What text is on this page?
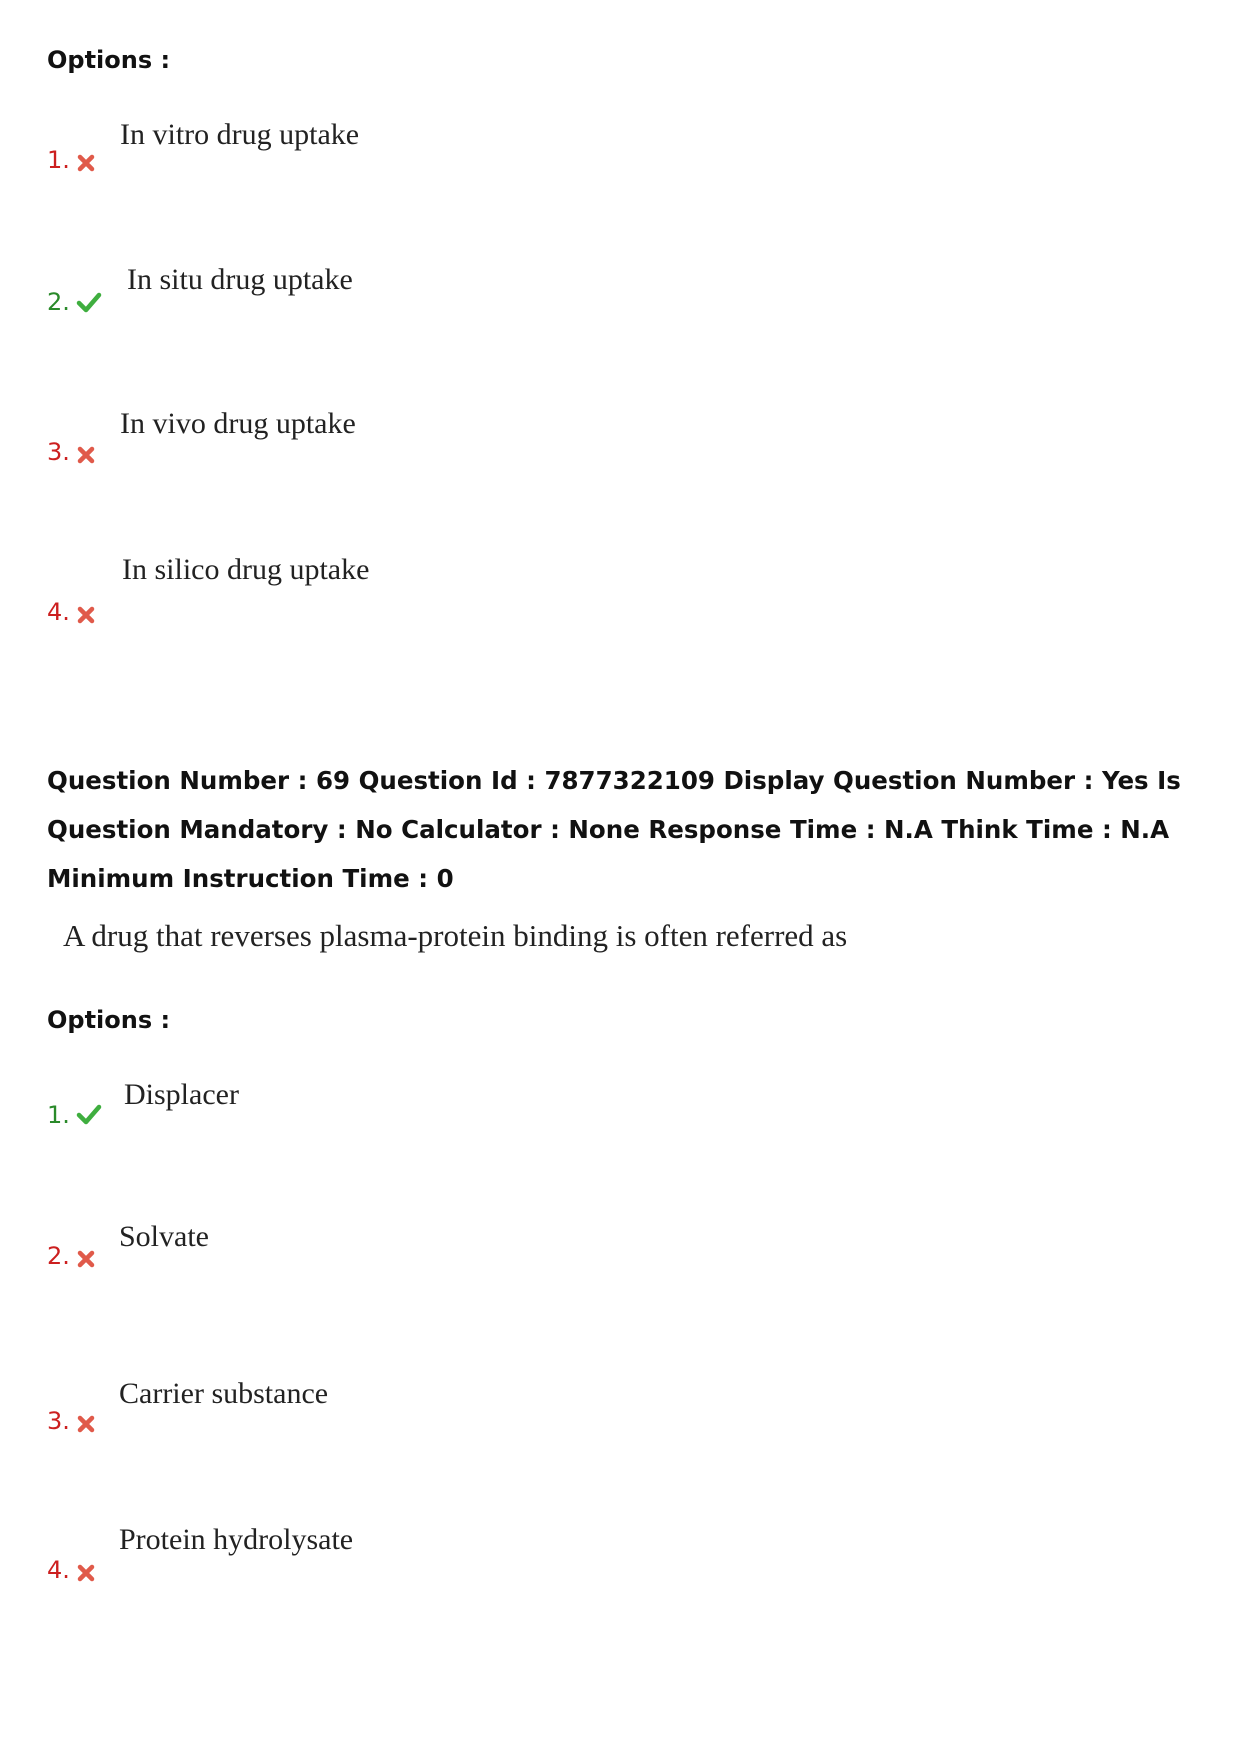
Options :
1.
In vitro drug uptake
2.
In situ drug uptake
3.
In vivo drug uptake
4.
In silico drug uptake
Question Number : 69 Question Id : 7877322109 Display Question Number : Yes Is Question Mandatory : No Calculator : None Response Time : N.A Think Time : N.A Minimum Instruction Time : 0
A drug that reverses plasma-protein binding is often referred as
Options :
1.
Displacer
2.
Solvate
3.
Carrier substance
4.
Protein hydrolysate
